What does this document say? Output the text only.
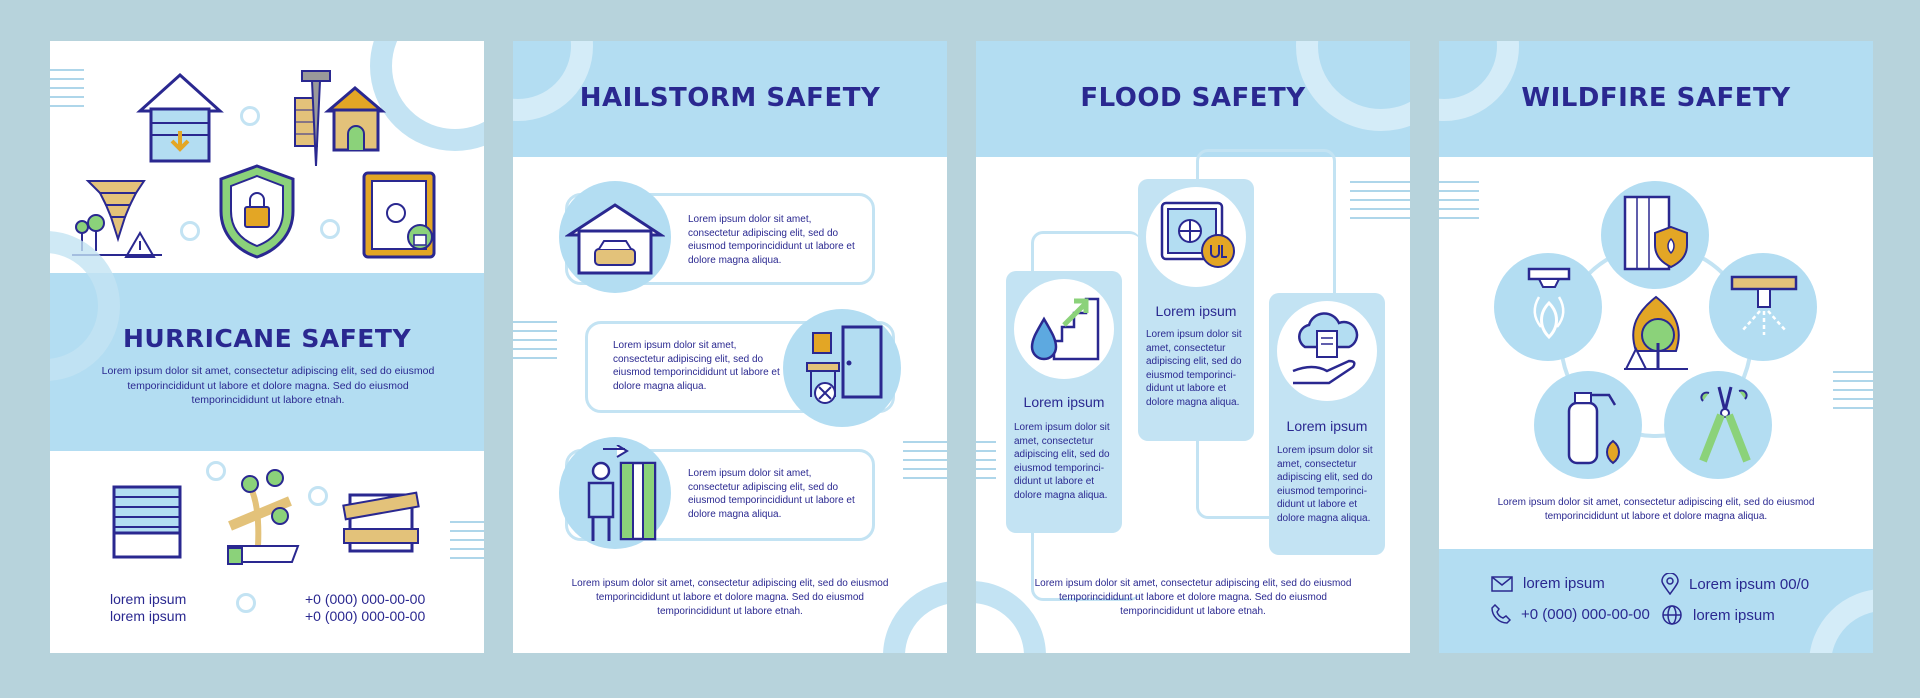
HURRICANE SAFETY
Lorem ipsum dolor sit amet, consectetur adipiscing elit, sed do eiusmod temporincididunt ut labore et dolore magna. Sed do eiusmod temporincididunt ut labore etnah.
lorem ipsum
lorem ipsum
+0 (000) 000-00-00
+0 (000) 000-00-00
HAILSTORM SAFETY
Lorem ipsum dolor sit amet, consectetur adipiscing elit, sed do eiusmod temporincididunt ut labore et dolore magna aliqua.
Lorem ipsum dolor sit amet, consectetur adipiscing elit, sed do eiusmod temporincididunt ut labore et dolore magna aliqua.
Lorem ipsum dolor sit amet, consectetur adipiscing elit, sed do eiusmod temporincididunt ut labore et dolore magna aliqua.
Lorem ipsum dolor sit amet, consectetur adipiscing elit, sed do eiusmod temporincididunt ut labore et dolore magna. Sed do eiusmod temporincididunt ut labore etnah.
FLOOD SAFETY
Lorem ipsum
Lorem ipsum dolor sit amet, consectetur adipiscing elit, sed do eiusmod temporinci-didunt ut labore et dolore magna aliqua.
Lorem ipsum
Lorem ipsum dolor sit amet, consectetur adipiscing elit, sed do eiusmod temporinci-didunt ut labore et dolore magna aliqua.
Lorem ipsum
Lorem ipsum dolor sit amet, consectetur adipiscing elit, sed do eiusmod temporinci-didunt ut labore et dolore magna aliqua.
Lorem ipsum dolor sit amet, consectetur adipiscing elit, sed do eiusmod temporincididunt ut labore et dolore magna. Sed do eiusmod temporincididunt ut labore etnah.
WILDFIRE SAFETY
Lorem ipsum dolor sit amet, consectetur adipiscing elit, sed do eiusmod temporincididunt ut labore et dolore magna aliqua.
lorem ipsum	Lorem ipsum 00/0
+0 (000) 000-00-00	lorem ipsum
